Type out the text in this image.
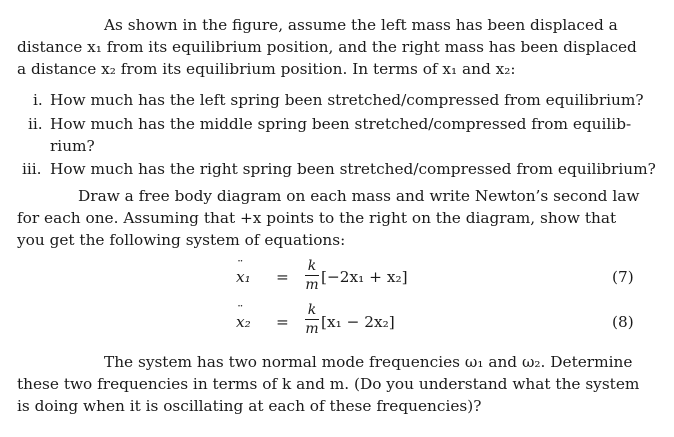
As shown in the figure, assume the left mass has been displaced a
distance x₁ from its equilibrium position, and the right mass has been displaced
a distance x₂ from its equilibrium position. In terms of x₁ and x₂:
i. How much has the left spring been stretched/compressed from equilibrium?
ii. How much has the middle spring been stretched/compressed from equilib-
rium?
iii. How much has the right spring been stretched/compressed from equilibrium?
Draw a free body diagram on each mass and write Newton’s second law
for each one. Assuming that +x points to the right on the diagram, show that
you get the following system of equations:
¨ x₁ =
k
m [−2x₁ + x₂]	(7)
¨ x₂ =
k
m [x₁ − 2x₂]	(8)
The system has two normal mode frequencies ω₁ and ω₂. Determine
these two frequencies in terms of k and m. (Do you understand what the system
is doing when it is oscillating at each of these frequencies)?
